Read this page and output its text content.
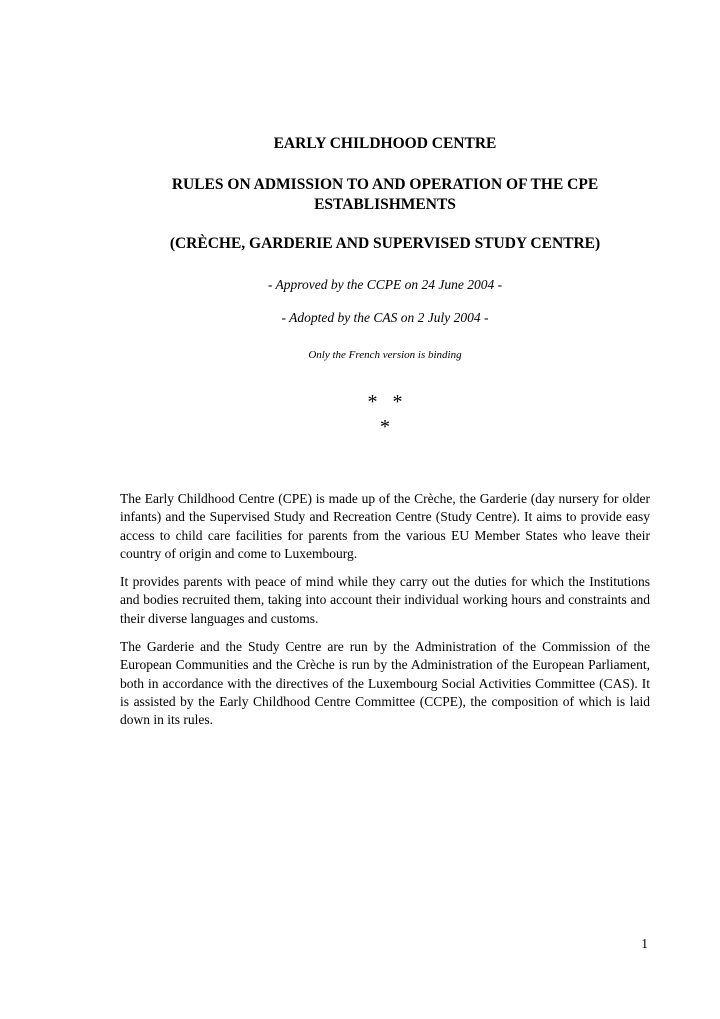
EARLY CHILDHOOD CENTRE
RULES ON ADMISSION TO AND OPERATION OF THE CPE
ESTABLISHMENTS
(CRÈCHE, GARDERIE AND SUPERVISED STUDY CENTRE)
- Approved by the CCPE on 24 June 2004 -
- Adopted by the CAS on 2 July 2004 -
Only the French version is binding
*   *
*

The Early Childhood Centre (CPE) is made up of the Crèche, the Garderie (day nursery for older infants) and the Supervised Study and Recreation Centre (Study Centre). It aims to provide easy access to child care facilities for parents from the various EU Member States who leave their country of origin and come to Luxembourg.

It provides parents with peace of mind while they carry out the duties for which the Institutions and bodies recruited them, taking into account their individual working hours and constraints and their diverse languages and customs.

The Garderie and the Study Centre are run by the Administration of the Commission of the European Communities and the Crèche is run by the Administration of the European Parliament, both in accordance with the directives of the Luxembourg Social Activities Committee (CAS). It is assisted by the Early Childhood Centre Committee (CCPE), the composition of which is laid down in its rules.

1
